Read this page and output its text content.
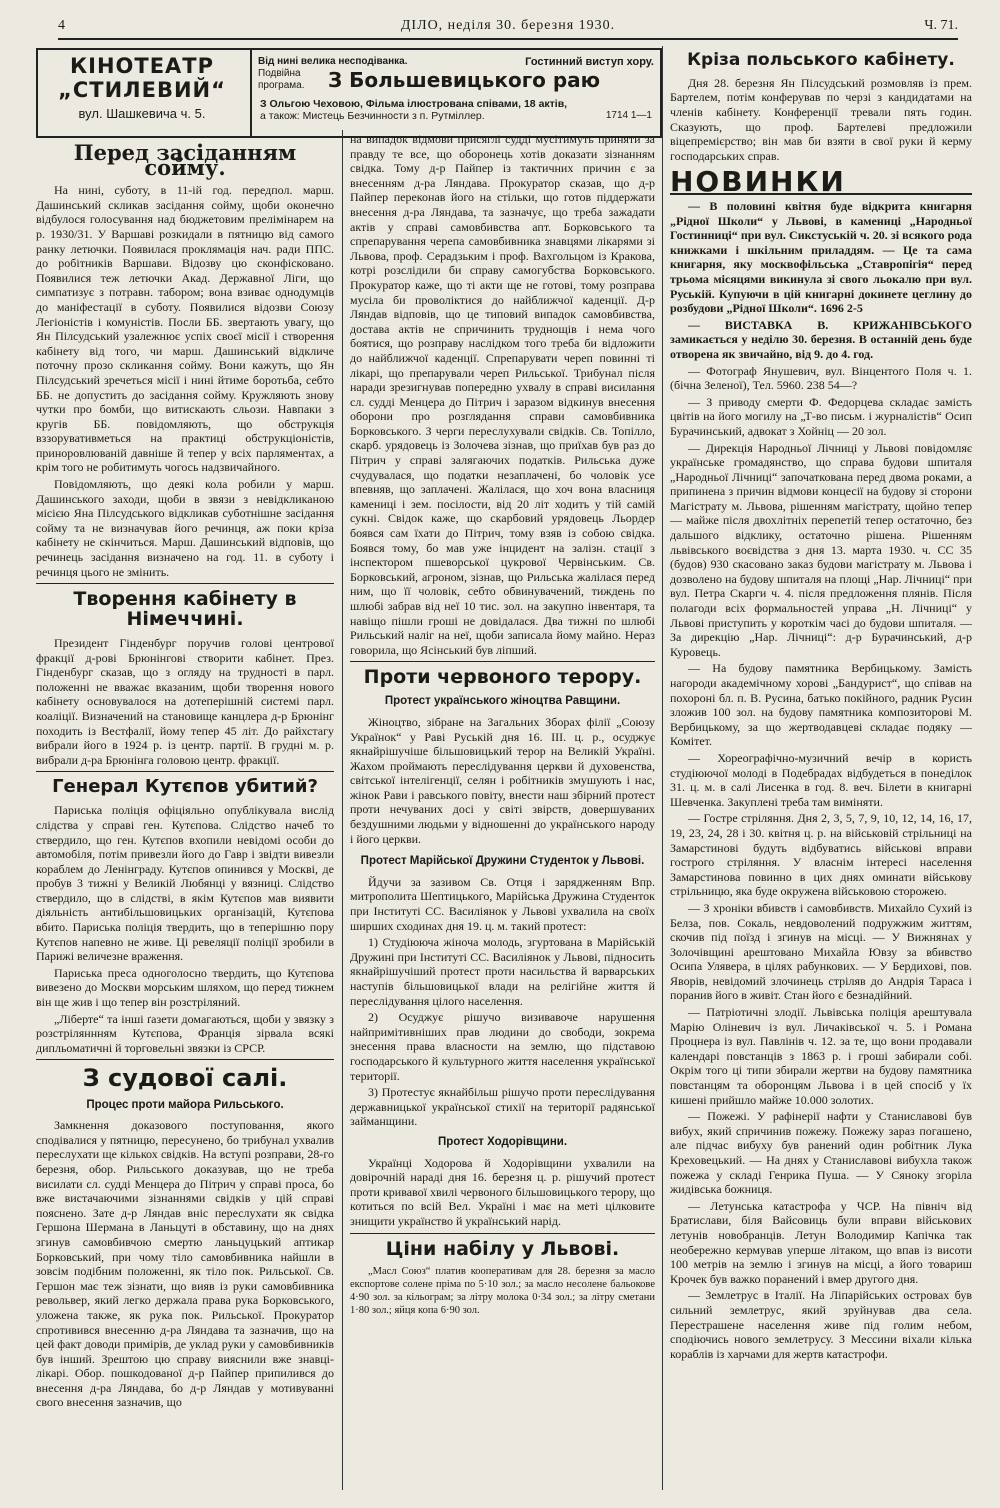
4	ДІЛО, неділя 30. березня 1930.	Ч. 71.
КІНОТЕАТР
„СТИЛЕВИЙ“
вул. Шашкевича ч. 5.
Від нині велика несподіванка.	Гостинний виступ хору.
Подвійна програма.	З Большевицького раю
З Ольгою Чеховою, Фільма ілюстрована співами, 18 актів,
а також: Мистець Безчинности з п. Рутміллер.	1714 1—1
Перед засіданням сойму.

На нині, суботу, в 11-ій год. передпол. марш. Дашинський скликав засідання сойму, щоби оконечно відбулося голосування над бюджетовим прелімінарем на р. 1930/31. У Варшаві розкидали в пятницю від самого ранку летючки. Появилася проклямація нач. ради ППС. до робітників Варшави. Відозву цю сконфісковано. Появилися теж летючки Акад. Державної Ліги, що симпатизує з потравн. табором; вона взиває однодумців до маніфестації в суботу. Появилися відозви Союзу Легіоністів і комуністів. Посли ББ. звертають увагу, що Ян Пілсудський узалежнює успіх своєї місії і створення кабінету від того, чи марш. Дашинський відкличе поточну прозо скликання сойму. Вони кажуть, що Ян Пілсудський зречеться місії і нині йтиме боротьба, себто ББ. не допустить до засідання сойму. Кружляють знову чутки про бомби, що витискають сльози. Навпаки з кругів ББ. повідомляють, що обструкція вззорувативметься на практиці обструкціоністів, приноровлюваній давніше й тепер у всіх парляментах, а крім того не робитимуть чогось надзвичайного.

Повідомляють, що деякі кола робили у марш. Дашинського заходи, щоби в звязи з невідкликаною місією Яна Пілсудського відкликав суботнішне засідання сойму та не визначував його речинця, аж поки кріза кабінету не скінчиться. Марш. Дашинський відповів, що речинець засідання визначено на год. 11. в суботу і речинця цього не змінить.

Творення кабінету в Німеччині.

Президент Гінденбург поручив голові центрової фракції д-рові Брюнінгові створити кабінет. През. Гінденбург сказав, що з огляду на трудності в парл. положенні не вважає вказаним, щоби творення нового кабінету основувалося на дотеперішній системі парл. коаліції. Визначений на становище канцлера д-р Брюнінг походить із Вестфалії, йому тепер 45 літ. До райхстагу вибрали його в 1924 р. із центр. партії. В грудні м. р. вибрали д-ра Брюнінга головою центр. фракції.

Генерал Кутєпов убитий?

Париська поліція офіціяльно опублікувала вислід слідства у справі ген. Кутєпова. Слідство начеб то ствердило, що ген. Кутєпов вхопили невідомі особи до автомобіля, потім привезли його до Гавр і звідти вивезли кораблем до Ленінграду. Кутєпов опинився у Москві, де пробув 3 тижні у Великій Любянці у вязниці. Слідство ствердило, що в слідстві, в якім Кутєпов мав виявити діяльність антибільшовицьких організацій, Кутєпова вбито. Париська поліція твердить, що в теперішню пору Кутєпов напевно не живе. Ці ревеляції поліції зробили в Парижі величезне враження.

Париська преса одноголосно твердить, що Кутєпова вивезено до Москви морським шляхом, що перед тижнем він ще жив і що тепер він розстріляний.

„Ліберте“ та інші ґазети домагаються, щоби у звязку з розстріляннням Кутєпова, Франція зірвала всякі дипльоматичні й торговельні звязки із СРСР.

З судової салі.
Процес проти майора Рильського.

Замкнення доказового поступовання, якого сподівалися у пятницю, пересунено, бо трибунал ухвалив переслухати ще кількох свідків. На вступі розправи, 28-го березня, обор. Рильського доказував, що не треба висилати сл. судді Менцера до Пітрич у справі проса, бо вже вистачаючими зізнаннями свідків у цій справі пояснено. Зате д-р Ляндав вніс переслухати як свідка Гершона Шермана в Ланьцуті в обставину, що на днях згинув самовбивчою смертю ланьцуцький аптикар Борковський, при чому тіло самовбивника найшли в зовсім подібним положенні, як тіло пок. Рильської. Св. Гершон має теж зізнати, що вияв із руки самовбивника револьвер, який легко держала права рука Борковського, уложена также, як рука пок. Рильської. Прокуратор спротивився внесенню д-ра Ляндава та зазначив, що на цей факт доводи примірів, де уклад руки у самовбивників був інший. Зрештою цю справу вияснили вже знавці-лікарі. Обор. пошкодованої д-р Пайпер припилився до внесення д-ра Ляндава, бо д-р Ляндав у мотивуванні свого внесення зазначив, що

на випадок відмови присяглі судді мусітимуть приняти за правду те все, що оборонець хотів доказати зізнанням свідка. Тому д-р Пайпер із тактичних причин є за внесенням д-ра Ляндава. Прокуратор сказав, що д-р Пайпер переконав його на стільки, що готов піддержати внесення д-ра Ляндава, та зазначує, що треба зажадати актів у справі самовбивства апт. Борковського та спрепарування черепа самовбивника знавцями лікарями зі Львова, проф. Серадзьким і проф. Вахгольцом із Кракова, котрі розслідили би справу самогубства Борковського. Прокуратор каже, що ті акти ще не готові, тому розправа мусіла би проволіктися до найближчої каденції. Д-р Ляндав відповів, що це типовий випадок самовбивства, доставa актів не спричинить труднощів і нема чого боятися, що розправу наслідком того треба би відложити до найближчої каденції. Спрепарувати череп повинні ті лікарі, що препарували череп Рильської. Трибунал після наради зрезигнував попередню ухвалу в справі висилання сл. судді Менцера до Пітрич і заразом відкинув внесення оборони про розглядання справи самовбивника Борковського. З черги переслухували свідків. Св. Топілло, скарб. урядовець із Золочева зізнав, що приїхав був раз до Пітрич у справі залягаючих податків. Рильська дуже счудувалася, що податки незаплачені, бо чоловік усе впевняв, що заплачені. Жалілася, що хоч вона власниця камениці і зем. посілости, від 20 літ ходить у тій самій сукні. Свідок каже, що скарбовий урядовець Льордер боявся сам їхати до Пітрич, тому взяв із собою свідка. Боявся тому, бо мав уже інцидент на залізн. стації з інспектором пшеворської цукрової Червінським. Св. Борковський, агроном, зізнав, що Рильська жалілася перед ним, що її чоловік, себто обвинувачений, тиждень по шлюбі забрав від неї 10 тис. зол. на закупно інвентаря, та навіщо пішли гроші не довідалася. Два тижні по шлюбі Рильський наліг на неї, щоби записала йому майно. Нераз говорила, що Ясінський був ліпший.

Проти червоного терору.
Протест українського жіноцтва Равщини.

Жіноцтво, зібране на Загальних Зборах філії „Союзу Українок“ у Раві Руській дня 16. ІІІ. ц. р., осуджує якнайрішучіше більшовицький терор на Великій Україні. Жахом проймають переслідування церкви й духовенства, світської інтелігенції, селян і робітників змушують і нас, жінок Рави і равського повіту, внести наш збірний протест проти нечуваних досі у світі звірств, довершуваних бездушними людьми у відношенні до українського народу і його церкви.

Протест Марійської Дружини Студенток у Львові.

Йдучи за зазивом Св. Отця і зарядженням Впр. митрополита Шептицького, Марійська Дружина Студенток при Інституті СС. Василіянок у Львові ухвалила на своїх ширших сходинах дня 19. ц. м. такий протест:

1) Студіююча жіноча молодь, згуртована в Марійській Дружині при Інституті СС. Василіянок у Львові, підносить якнайрішучіший протест проти насильства й варварських наступів більшовицької влади на релігійне життя й переслідування цілого населення.

2) Осуджує рішучо визивавоче нарушення найпримітивніших прав людини до свободи, зокрема знесення права власности на землю, що підставою господарського й культурного життя населення української території.

3) Протестує якнайбільш рішучо проти переслідування державницької української стихії на території радянської займанщини.

Протест Ходорівщини.

Українці Ходорова й Ходорівщини ухвалили на довірочній нараді дня 16. березня ц. р. рішучий протест проти кривавої хвилі червоного більшовицького терору, що котиться по всій Вел. Україні і має на меті цілковите знищити українство й український нарід.

Ціни набілу у Львові.

„Масл Союз“ платив кооперативам для 28. березня за масло експортове солене пріма по 5·10 зол.; за масло несолене бальокове 4·90 зол. за кільограм; за літру молока 0·34 зол.; за літру сметани 1·80 зол.; яйця копа 6·90 зол.

Кріза польського кабінету.

Дня 28. березня Ян Пілсудський розмовляв із прем. Бартелем, потім конферував по черзі з кандидатами на членів кабінету. Конференції тревали пять годин. Сказують, що проф. Бартелеві предложили віцепремієрство; він мав би взяти в свої руки й керму господарських справ.

НОВИНКИ

— В половині квітня буде відкрита книгарня „Рідної Школи“ у Львові, в камениці „Народньої Гостинниці“ при вул. Сикстуській ч. 20. зі всякого рода книжками і шкільним приладдям. — Це та сама книгарня, яку москвофільська „Ставропігія“ перед трьома місяцями викинула зі свого льокалю при вул. Руській. Купуючи в цій книгарні докинете цеглину до розбудови „Рідної Школи“. 1696 2-5

— ВИСТАВКА В. КРИЖАНІВСЬКОГО замикається у неділю 30. березня. В останній день буде отворена як звичайно, від 9. до 4. год.

— Фотограф Янушевич, вул. Вінцентого Поля ч. 1. (бічна Зеленої), Тел. 5960. 238 54—?

— З приводу смерти Ф. Федорцева складає замість цвітів на його могилу на „Т-во письм. і журналістів“ Осип Бурачинський, адвокат з Хойніц — 20 зол.

— Дирекція Народньої Лічниці у Львові повідомляє українське громадянство, що справа будови шпиталя „Народньої Лічниці“ започаткована перед двома роками, а припинена з причин відмови концесії на будову зі сторони Магістрату м. Львова, рішенням магістрату, щойно тепер — майже після двохлітніх перепетій тепер остаточно, без дальшого відклику, остаточно рішена. Рішенням львівського воєвідства з дня 13. марта 1930. ч. СС 35 (будов) 930 скасовано заказ будови магістрату м. Львова і дозволено на будову шпиталя на площі „Нар. Лічниці“ при вул. Петра Скарги ч. 4. після предложення плянів. Після полагоди всіх формальностей управа „Н. Лічниці“ у Львові приступить у короткім часі до будови шпиталя. — За дирекцію „Нар. Лічниці“: д-р Бурачинський, д-р Куровець.

— На будову памятника Вербицькому. Замість нагороди академічному хорові „Бандурист“, що співав на похороні бл. п. В. Русина, батько покійного, радник Русин зложив 100 зол. на будову памятника композиторові М. Вербицькому, за що жертводавцеві складає подяку — Комітет.

— Хореографічно-музичний вечір в користь студіюючої молоді в Подебрадах відбудеться в понеділок 31. ц. м. в салі Лисенка в год. 8. веч. Білети в книгарні Шевченка. Закуплені треба там виміняти.

— Гостре стріляння. Дня 2, 3, 5, 7, 9, 10, 12, 14, 16, 17, 19, 23, 24, 28 і 30. квітня ц. р. на військовій стрільниці на Замарстинові будуть відбуватись військові вправи гострого стріляння. У власнім інтересі населення Замарстинова повинно в цих днях оминати військову стрільницю, яка буде окружена військовою сторожею.

— З хроніки вбивств і самовбивств. Михайло Сухий із Белза, пов. Сокаль, невдоволений подружжим життям, скочив під поїзд і згинув на місці. — У Вижнянах у Золочівщині арештовано Михайла Ювзу за вбивство Осипа Улявера, в цілях рабункових. — У Бердиховi, пов. Яворів, невідомий злочинець стріляв до Андрія Тараса і поранив його в живіт. Стан його є безнадійний.

— Патріотичні злодії. Львівська поліція арештувала Марію Оліневич із вул. Личаківської ч. 5. і Романа Процнера із вул. Павлінів ч. 12. за те, що вони продавали календарі повстанців з 1863 р. і гроші забирали собі. Окрім того ці типи збирали жертви на будову памятника повстанцям та оборонцям Львова і в цей спосіб у їх кишені прийшло майже 10.000 золотих.

— Пожежі. У рафінерії нафти у Станиславові був вибух, який спричинив пожежу. Пожежу зараз погашено, але підчас вибуху був ранений один робітник Лука Креховецький. — На днях у Станиславові вибухла також пожежа у складі Генрика Пуша. — У Сяноку згоріла жидівська божниця.

— Летунська катастрофа у ЧСР. На північ від Братислави, біля Вайсовиць були вправи військових летунів новобранців. Летун Володимир Капічка так необережно кермував уперше літаком, що впав із висоти 100 метрів на землю і згинув на місці, а його товариш Крочек був важко поранений і вмер другого дня.

— Землетрус в Італії. На Ліпарійських островах був сильний землетрус, який зруйнував два села. Перестрашене населення живе під голим небом, сподіючись нового землетрусу. З Мессини віхали кілька кораблів із харчами для жертв катастрофи.
